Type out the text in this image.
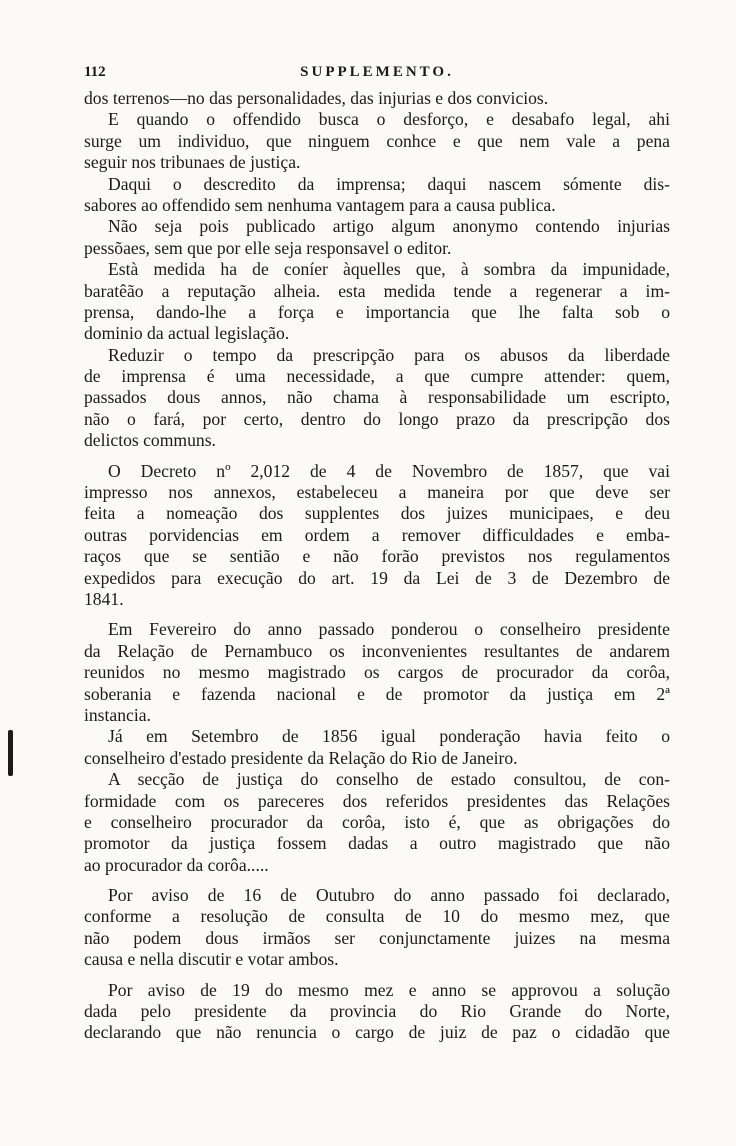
112	SUPPLEMENTO.
dos terrenos—no das personalidades, das injurias e dos convicios.
E quando o offendido busca o desforço, e desabafo legal, ahi
surge um individuo, que ninguem conhce e que nem vale a pena
seguir nos tribunaes de justiça.
Daqui o descredito da imprensa; daqui nascem sómente dis-
sabores ao offendido sem nenhuma vantagem para a causa publica.
Não seja pois publicado artigo algum anonymo contendo injurias
pessõaes, sem que por elle seja responsavel o editor.
Està medida ha de coníer àquelles que, à sombra da impunidade,
baratêão a reputação alheia. esta medida tende a regenerar a im-
prensa, dando-lhe a força e importancia que lhe falta sob o
dominio da actual legislação.
Reduzir o tempo da prescripção para os abusos da liberdade
de imprensa é uma necessidade, a que cumpre attender: quem,
passados dous annos, não chama à responsabilidade um escripto,
não o fará, por certo, dentro do longo prazo da prescripção dos
delictos communs.
O Decreto nº 2,012 de 4 de Novembro de 1857, que vai
impresso nos annexos, estabeleceu a maneira por que deve ser
feita a nomeação dos supplentes dos juizes municipaes, e deu
outras porvidencias em ordem a remover difficuldades e emba-
raços que se sentião e não forão previstos nos regulamentos
expedidos para execução do art. 19 da Lei de 3 de Dezembro de
1841.
Em Fevereiro do anno passado ponderou o conselheiro presidente
da Relação de Pernambuco os inconvenientes resultantes de andarem
reunidos no mesmo magistrado os cargos de procurador da corôa,
soberania e fazenda nacional e de promotor da justiça em 2ª
instancia.
Já em Setembro de 1856 igual ponderação havia feito o
conselheiro d'estado presidente da Relação do Rio de Janeiro.
A secção de justiça do conselho de estado consultou, de con-
formidade com os pareceres dos referidos presidentes das Relações
e conselheiro procurador da corôa, isto é, que as obrigações do
promotor da justiça fossem dadas a outro magistrado que não
ao procurador da corôa.....
Por aviso de 16 de Outubro do anno passado foi declarado,
conforme a resolução de consulta de 10 do mesmo mez, que
não podem dous irmãos ser conjunctamente juizes na mesma
causa e nella discutir e votar ambos.
Por aviso de 19 do mesmo mez e anno se approvou a solução
dada pelo presidente da provincia do Rio Grande do Norte,
declarando que não renuncia o cargo de juiz de paz o cidadão que
